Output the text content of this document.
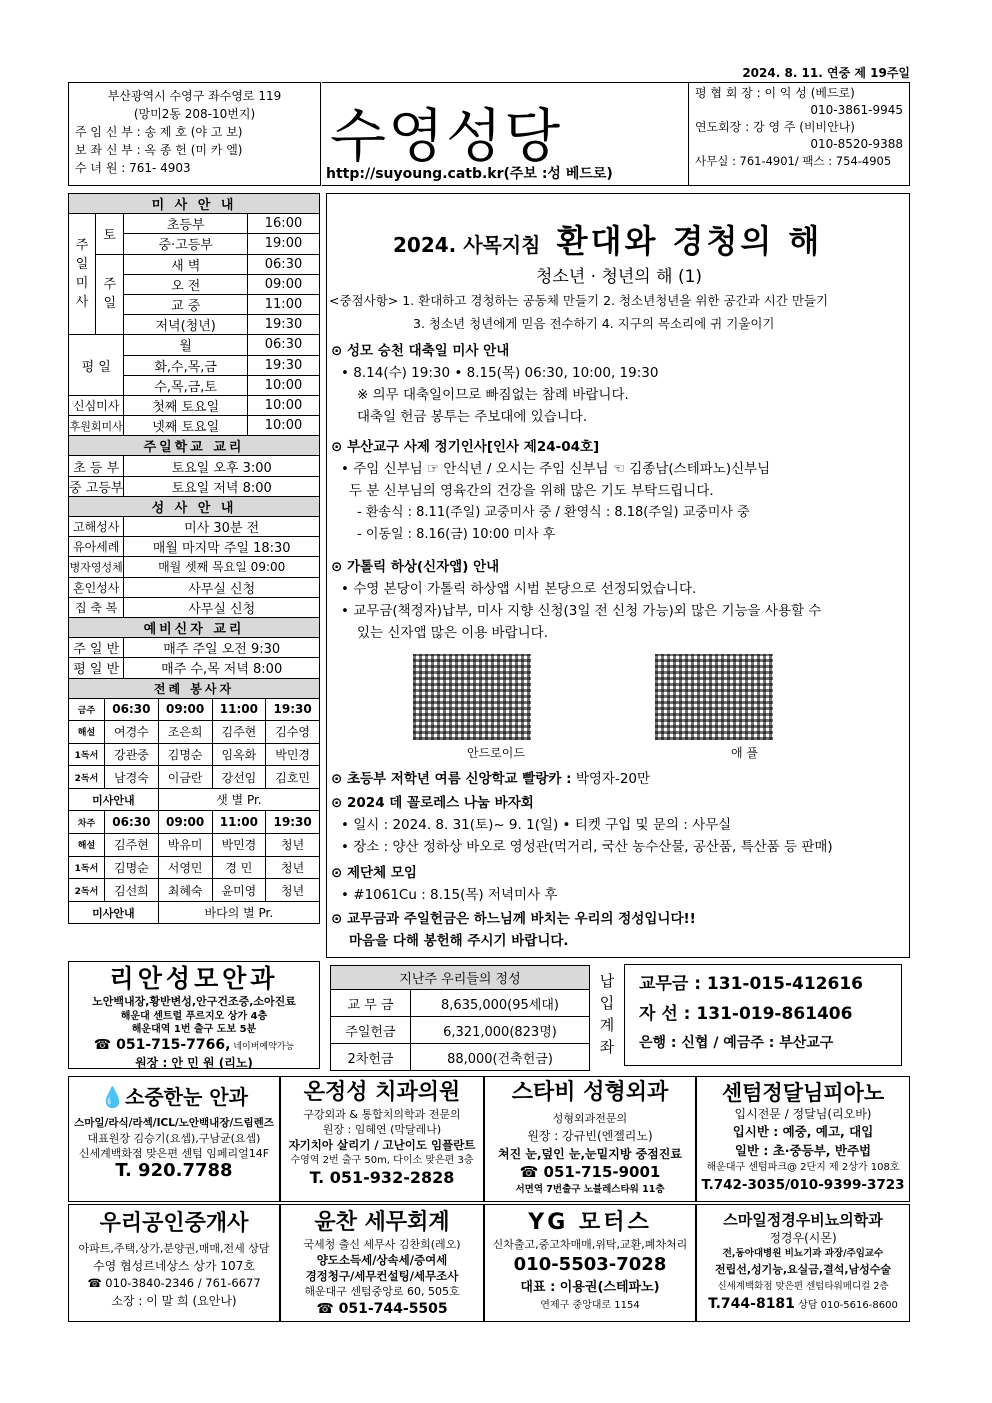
2024. 8. 11. 연중 제 19주일
부산광역시 수영구 좌수영로 119
(망미2동 208-10번지)
주 임 신 부 : 송 제 호 (야 고 보)
보 좌 신 부 : 옥 종 헌 (미 카 엘)
수 녀 원 : 761- 4903	수영성당
http://suyoung.catb.kr(주보 :성 베드로)
평 협 회 장 : 이 익 성 (베드로)
010-3861-9945
연도회장 : 강 영 주 (비비안나)
010-8520-9388
사무실 : 761-4901/ 팩스 : 754-4905
미 사 안 내			

주일미사	토	초등부	16:00
		중·고등부	19:00

	주일	새 벽	06:30
		오 전	09:00
		교 중	11:00
		저녁(청년)	19:30
평 일		월	06:30
		화,수,목,금	19:30
		수,목,금,토	10:00
신심미사		첫째 토요일	10:00
후원회미사		넷째 토요일	10:00
주일학교 교리			
초 등 부		토요일 오후 3:00	
중 고등부		토요일 저녁 8:00	
성 사 안 내			
고해성사		미사 30분 전	
유아세례		매월 마지막 주일 18:30	
병자영성체		매월 셋째 목요일 09:00	
혼인성사		사무실 신청	
집 축 복		사무실 신청	
예비신자 교리			
주 일 반		매주 주일 오전 9:30	
평 일 반		매주 수,목 저녁 8:00	
전례 봉사자				
금주	06:30	09:00	11:00	19:30
해설	여경수	조은희	김주현	김수영
1독서	강관중	김명순	임옥화	박민경
2독서	남경숙	이금란	강선임	김호민
미사안내		샛 별 Pr.		
차주	06:30	09:00	11:00	19:30
해설	김주현	박유미	박민경	청년
1독서	김명순	서영민	경 민	청년
2독서	김선희	최혜숙	윤미영	청년
미사안내		바다의 별 Pr.		
2024. 사목지침 환대와 경청의 해
청소년 · 청년의 해 (1)
<중점사항> 1. 환대하고 경청하는 공동체 만들기 2. 청소년청년을 위한 공간과 시간 만들기
3. 청소년 청년에게 믿음 전수하기 4. 지구의 목소리에 귀 기울이기
⊙ 성모 승천 대축일 미사 안내
• 8.14(수) 19:30 • 8.15(목) 06:30, 10:00, 19:30
※ 의무 대축일이므로 빠짐없는 참례 바랍니다.
대축일 헌금 봉투는 주보대에 있습니다.
⊙ 부산교구 사제 정기인사[인사 제24-04호]
• 주임 신부님 ☞ 안식년 / 오시는 주임 신부님 ☜ 김종남(스테파노)신부님
두 분 신부님의 영육간의 건강을 위해 많은 기도 부탁드립니다.
- 환송식 : 8.11(주일) 교중미사 중 / 환영식 : 8.18(주일) 교중미사 중
- 이동일 : 8.16(금) 10:00 미사 후
⊙ 가톨릭 하상(신자앱) 안내
• 수영 본당이 가톨릭 하상앱 시범 본당으로 선정되었습니다.
• 교무금(책정자)납부, 미사 지향 신청(3일 전 신청 가능)외 많은 기능을 사용할 수
있는 신자앱 많은 이용 바랍니다.
안드로이드	애 플
⊙ 초등부 저학년 여름 신앙학교 빨랑카 : 박영자-20만
⊙ 2024 데 꼴로레스 나눔 바자회
• 일시 : 2024. 8. 31(토)~ 9. 1(일) • 티켓 구입 및 문의 : 사무실
• 장소 : 양산 정하상 바오로 영성관(먹거리, 국산 농수산물, 공산품, 특산품 등 판매)
⊙ 제단체 모임
• #1061Cu : 8.15(목) 저녁미사 후
⊙ 교무금과 주일헌금은 하느님께 바치는 우리의 정성입니다!!
마음을 다해 봉헌해 주시기 바랍니다.
리안성모안과
노안백내장,황반변성,안구건조증,소아진료
해운대 센트럴 푸르지오 상가 4층
해운대역 1번 출구 도보 5분
☎ 051-715-7766, 네이버예약가능
원장 : 안 민 원 (리노)
지난주 우리들의 정성	
교 무 금	8,635,000(95세대)
주일헌금	6,321,000(823명)
2차헌금	88,000(건축헌금)
납입계좌
교무금 : 131-015-412616
자 선 : 131-019-861406
은행 : 신협 / 예금주 : 부산교구
💧소중한눈 안과
스마일/라식/라섹/ICL/노안백내장/드림렌즈
대표원장 김승기(요셉),구남균(요셉)
신세계백화점 맞은편 센텀 임페리얼14F
T. 920.7788
온정성 치과의원
구강외과 & 통합치의학과 전문의
원장 : 임혜연 (막달레나)
자기치아 살리기 / 고난이도 임플란트
수영역 2번 출구 50m, 다이소 맞은편 3층
T. 051-932-2828
스타비 성형외과
성형외과전문의
원장 : 강규빈(엔젤리노)
쳐진 눈,덮인 눈,눈밑지방 중점진료
☎ 051-715-9001
서면역 7번출구 노블레스타워 11층
센텀정달님피아노
입시전문 / 정달님(리오바)
입시반 : 예중, 예고, 대입
일반 : 초·중등부, 반주법
해운대구 센텀파크@ 2단지 제 2상가 108호
T.742-3035/010-9399-3723
우리공인중개사
아파트,주택,상가,분양권,매매,전세 상담
수영 협성르네상스 상가 107호
☎ 010-3840-2346 / 761-6677
소장 : 이 말 희 (요안나)
윤찬 세무회계
국세청 출신 세무사 김찬희(레오)
양도소득세/상속세/증여세
경정청구/세무컨설팅/세무조사
해운대구 센텀중앙로 60, 505호
☎ 051-744-5505
YG 모터스
신차출고,중고차매매,위탁,교환,폐차처리
010-5503-7028
대표 : 이용권(스테파노)
연제구 중앙대로 1154
스마일정경우비뇨의학과
정경우(시몬)
전,동아대병원 비뇨기과 과장/주임교수
전립선,성기능,요실금,결석,남성수술
신세계백화점 맞은편 센텀타워메디컬 2층
T.744-8181 상담 010-5616-8600
